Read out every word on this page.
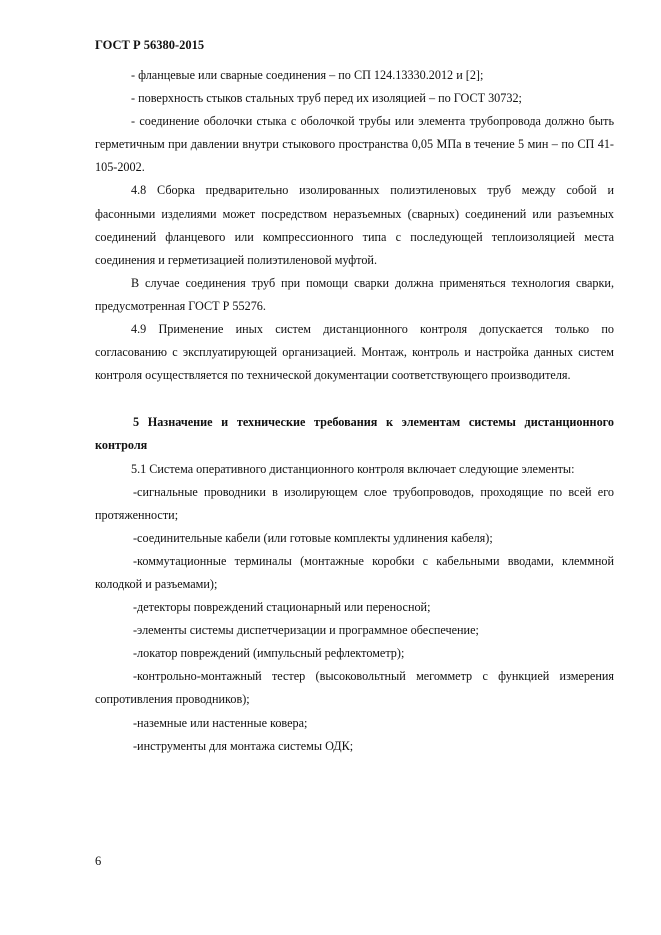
ГОСТ Р 56380-2015

- фланцевые или сварные соединения – по СП 124.13330.2012 и [2];

- поверхность стыков стальных труб перед их изоляцией – по ГОСТ 30732;

- соединение оболочки стыка с оболочкой трубы или элемента трубопровода должно быть герметичным при давлении внутри стыкового пространства 0,05 МПа в течение 5 мин – по СП 41-105-2002.

4.8 Сборка предварительно изолированных полиэтиленовых труб между собой и фасонными изделиями может посредством неразъемных (сварных) соединений или разъемных соединений фланцевого или компрессионного типа с последующей теплоизоляцией места соединения и герметизацией полиэтиленовой муфтой.

В случае соединения труб при помощи сварки должна применяться технология сварки, предусмотренная ГОСТ Р 55276.

4.9 Применение иных систем дистанционного контроля допускается только по согласованию с эксплуатирующей организацией. Монтаж, контроль и настройка данных систем контроля осуществляется по технической документации соответствующего производителя.

5 Назначение и технические требования к элементам системы дистанционного контроля

5.1 Система оперативного дистанционного контроля включает следующие элементы:

-сигнальные проводники в изолирующем слое трубопроводов, проходящие по всей его протяженности;

-соединительные кабели (или готовые комплекты удлинения кабеля);

-коммутационные терминалы (монтажные коробки с кабельными вводами, клеммной колодкой и разъемами);

-детекторы повреждений стационарный или переносной;

-элементы системы диспетчеризации и программное обеспечение;

-локатор повреждений (импульсный рефлектометр);

-контрольно-монтажный тестер (высоковольтный мегомметр с функцией измерения сопротивления проводников);

-наземные или настенные ковера;

-инструменты для монтажа системы ОДК;

6
